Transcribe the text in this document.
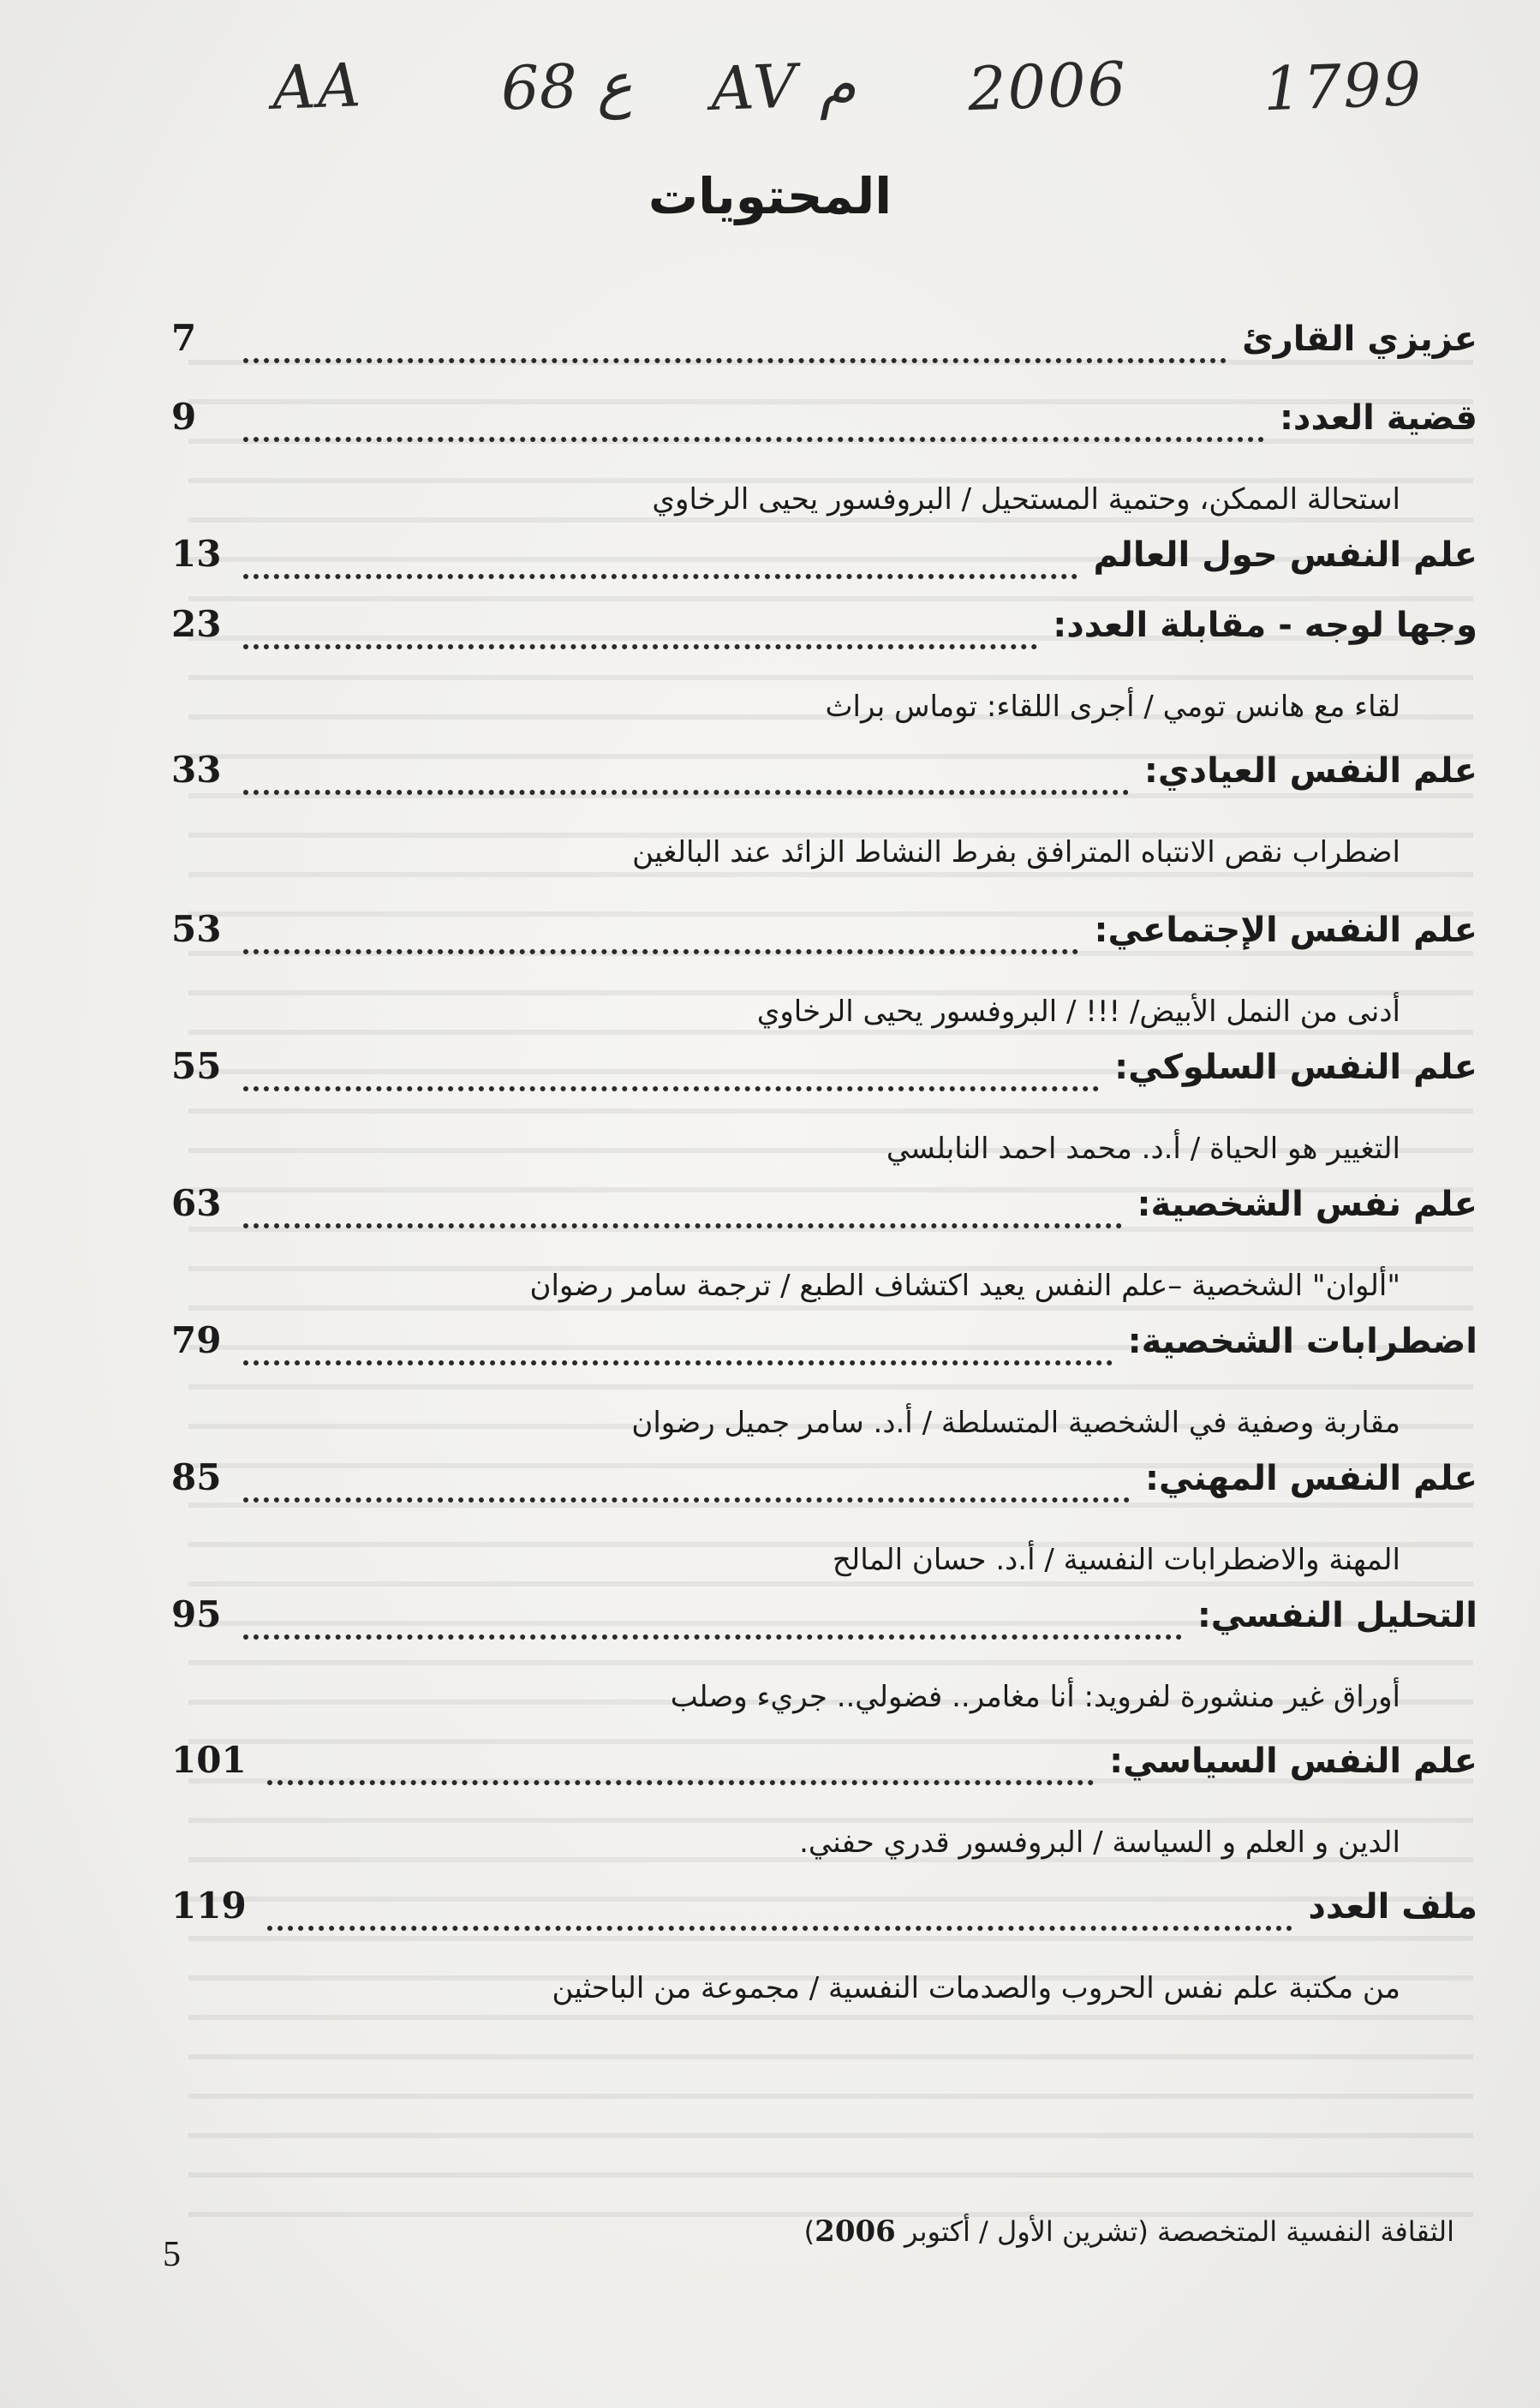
AA 68 ع AV م 2006 1799
المحتويات
عزيزي القارئ
7
قضية العدد:
9
استحالة الممكن، وحتمية المستحيل / البروفسور يحيى الرخاوي
علم النفس حول العالم
13
وجها لوجه - مقابلة العدد:
23
لقاء مع هانس تومي / أجرى اللقاء: توماس براث
علم النفس العيادي:
33
اضطراب نقص الانتباه المترافق بفرط النشاط الزائد عند البالغين
علم النفس الإجتماعي:
53
أدنى من النمل الأبيض/ !!! / البروفسور يحيى الرخاوي
علم النفس السلوكي:
55
التغيير هو الحياة / أ.د. محمد احمد النابلسي
علم نفس الشخصية:
63
"ألوان" الشخصية –علم النفس يعيد اكتشاف الطبع / ترجمة سامر رضوان
اضطرابات الشخصية:
79
مقاربة وصفية في الشخصية المتسلطة / أ.د. سامر جميل رضوان
علم النفس المهني:
85
المهنة والاضطرابات النفسية / أ.د. حسان المالح
التحليل النفسي:
95
أوراق غير منشورة لفرويد: أنا مغامر.. فضولي.. جريء وصلب
علم النفس السياسي:
101
الدين و العلم و السياسة / البروفسور قدري حفني.
ملف العدد
119
من مكتبة علم نفس الحروب والصدمات النفسية / مجموعة من الباحثين
الثقافة النفسية المتخصصة (تشرين الأول / أكتوبر 2006)
5
